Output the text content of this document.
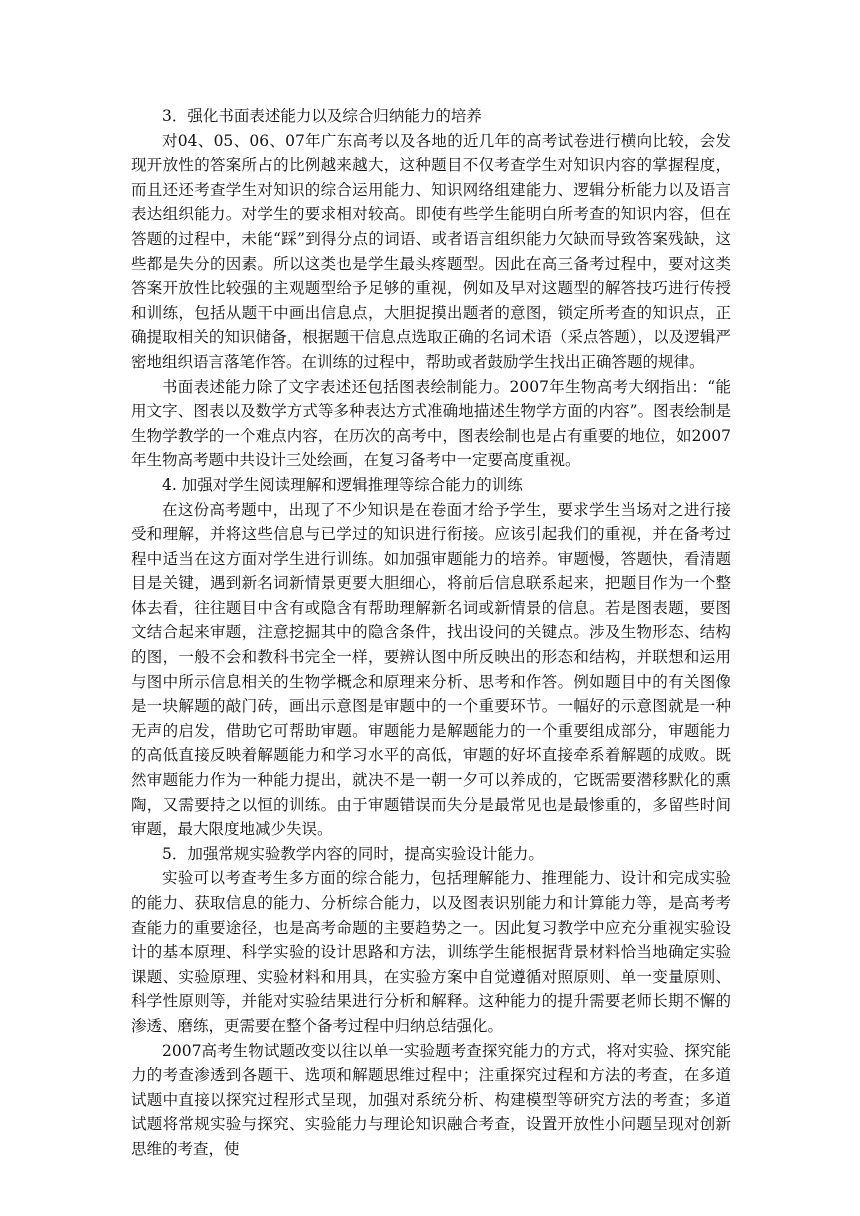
3．强化书面表述能力以及综合归纳能力的培养

对04、05、06、07年广东高考以及各地的近几年的高考试卷进行横向比较，会发现开放性的答案所占的比例越来越大，这种题目不仅考查学生对知识内容的掌握程度，而且还还考查学生对知识的综合运用能力、知识网络组建能力、逻辑分析能力以及语言表达组织能力。对学生的要求相对较高。即使有些学生能明白所考查的知识内容，但在答题的过程中，未能“踩”到得分点的词语、或者语言组织能力欠缺而导致答案残缺，这些都是失分的因素。所以这类也是学生最头疼题型。因此在高三备考过程中，要对这类答案开放性比较强的主观题型给予足够的重视，例如及早对这题型的解答技巧进行传授和训练，包括从题干中画出信息点，大胆捉摸出题者的意图，锁定所考查的知识点，正确提取相关的知识储备，根据题干信息点选取正确的名词术语（采点答题），以及逻辑严密地组织语言落笔作答。在训练的过程中，帮助或者鼓励学生找出正确答题的规律。

书面表述能力除了文字表述还包括图表绘制能力。2007年生物高考大纲指出：“能用文字、图表以及数学方式等多种表达方式准确地描述生物学方面的内容”。图表绘制是生物学教学的一个难点内容，在历次的高考中，图表绘制也是占有重要的地位，如2007年生物高考题中共设计三处绘画，在复习备考中一定要高度重视。

4. 加强对学生阅读理解和逻辑推理等综合能力的训练

在这份高考题中，出现了不少知识是在卷面才给予学生，要求学生当场对之进行接受和理解，并将这些信息与已学过的知识进行衔接。应该引起我们的重视，并在备考过程中适当在这方面对学生进行训练。如加强审题能力的培养。审题慢，答题快，看清题目是关键，遇到新名词新情景更要大胆细心，将前后信息联系起来，把题目作为一个整体去看，往往题目中含有或隐含有帮助理解新名词或新情景的信息。若是图表题，要图文结合起来审题，注意挖掘其中的隐含条件，找出设问的关键点。涉及生物形态、结构的图，一般不会和教科书完全一样，要辨认图中所反映出的形态和结构，并联想和运用与图中所示信息相关的生物学概念和原理来分析、思考和作答。例如题目中的有关图像是一块解题的敲门砖，画出示意图是审题中的一个重要环节。一幅好的示意图就是一种无声的启发，借助它可帮助审题。审题能力是解题能力的一个重要组成部分，审题能力的高低直接反映着解题能力和学习水平的高低，审题的好坏直接牵系着解题的成败。既然审题能力作为一种能力提出，就决不是一朝一夕可以养成的，它既需要潜移默化的熏陶，又需要持之以恒的训练。由于审题错误而失分是最常见也是最惨重的，多留些时间审题，最大限度地减少失误。

5．加强常规实验教学内容的同时，提高实验设计能力。

实验可以考查考生多方面的综合能力，包括理解能力、推理能力、设计和完成实验的能力、获取信息的能力、分析综合能力，以及图表识别能力和计算能力等，是高考考查能力的重要途径，也是高考命题的主要趋势之一。因此复习教学中应充分重视实验设计的基本原理、科学实验的设计思路和方法，训练学生能根据背景材料恰当地确定实验课题、实验原理、实验材料和用具，在实验方案中自觉遵循对照原则、单一变量原则、科学性原则等，并能对实验结果进行分析和解释。这种能力的提升需要老师长期不懈的渗透、磨练，更需要在整个备考过程中归纳总结强化。

2007高考生物试题改变以往以单一实验题考查探究能力的方式，将对实验、探究能力的考查渗透到各题干、选项和解题思维过程中；注重探究过程和方法的考查，在多道试题中直接以探究过程形式呈现，加强对系统分析、构建模型等研究方法的考查；多道试题将常规实验与探究、实验能力与理论知识融合考查，设置开放性小问题呈现对创新思维的考查，使
